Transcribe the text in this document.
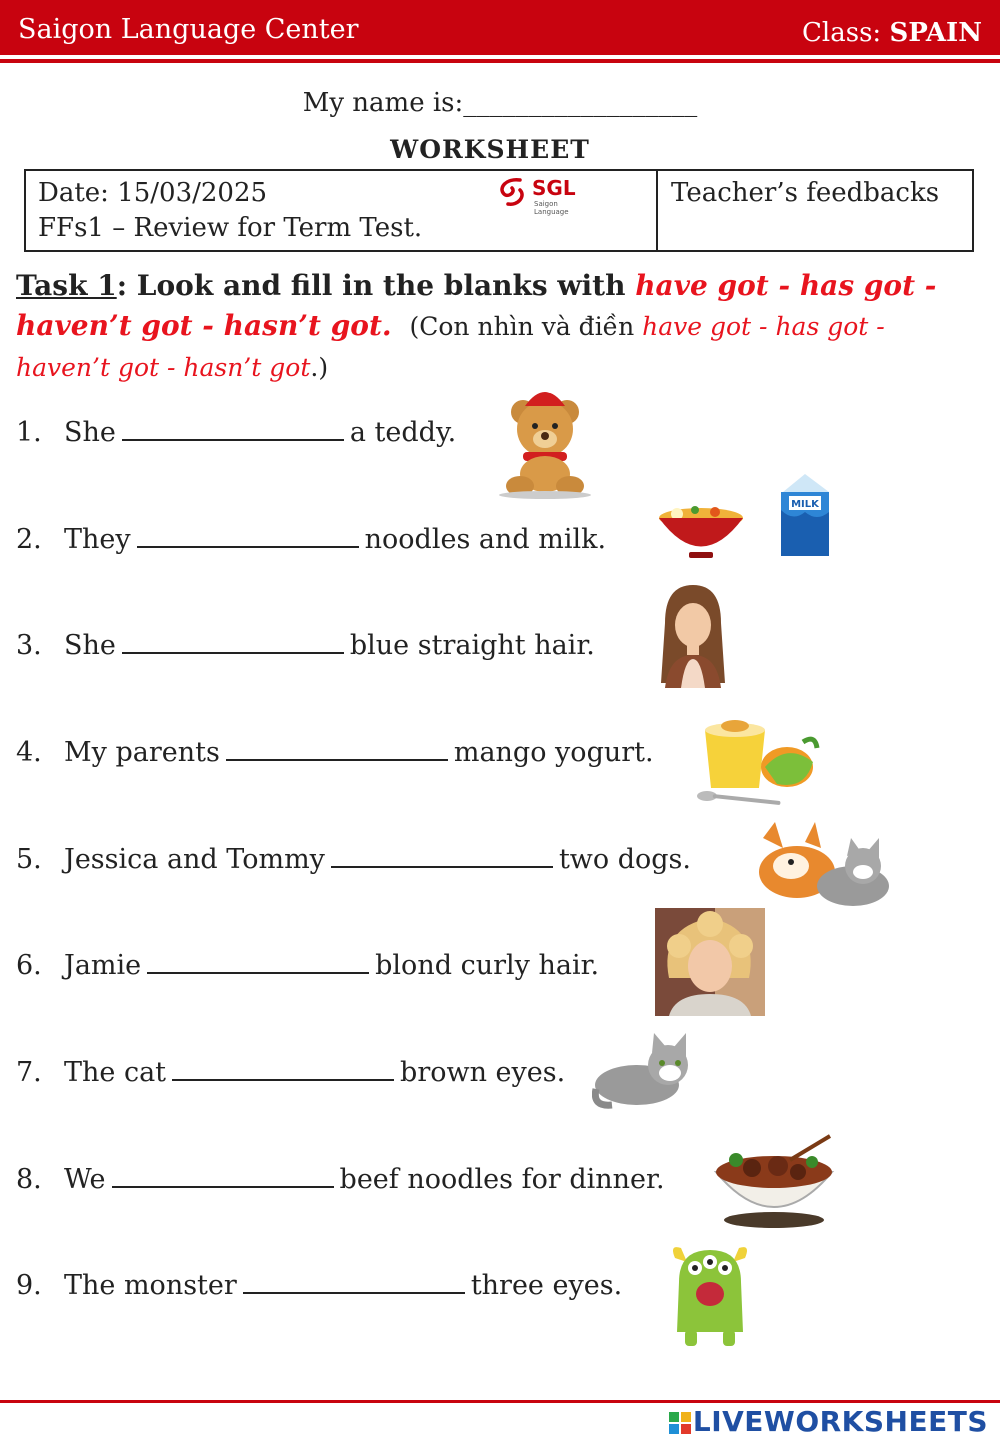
Saigon Language Center	Class: SPAIN
My name is:__________________
WORKSHEET
Date: 15/03/2025
FFs1 – Review for Term Test.
SGL
Saigon Language
Teacher’s feedbacks
Task 1: Look and fill in the blanks with have got - has got - haven’t got - hasn’t got. (Con nhìn và điền have got - has got - haven’t got - hasn’t got.)
1. She	a teddy.
2. They	noodles and milk.
3. She	blue straight hair.
4. My parents	mango yogurt.
5. Jessica and Tommy	two dogs.
6. Jamie	blond curly hair.
7. The cat	brown eyes.
8. We	beef noodles for dinner.
9. The monster	three eyes.
MILK
LIVEWORKSHEETS
